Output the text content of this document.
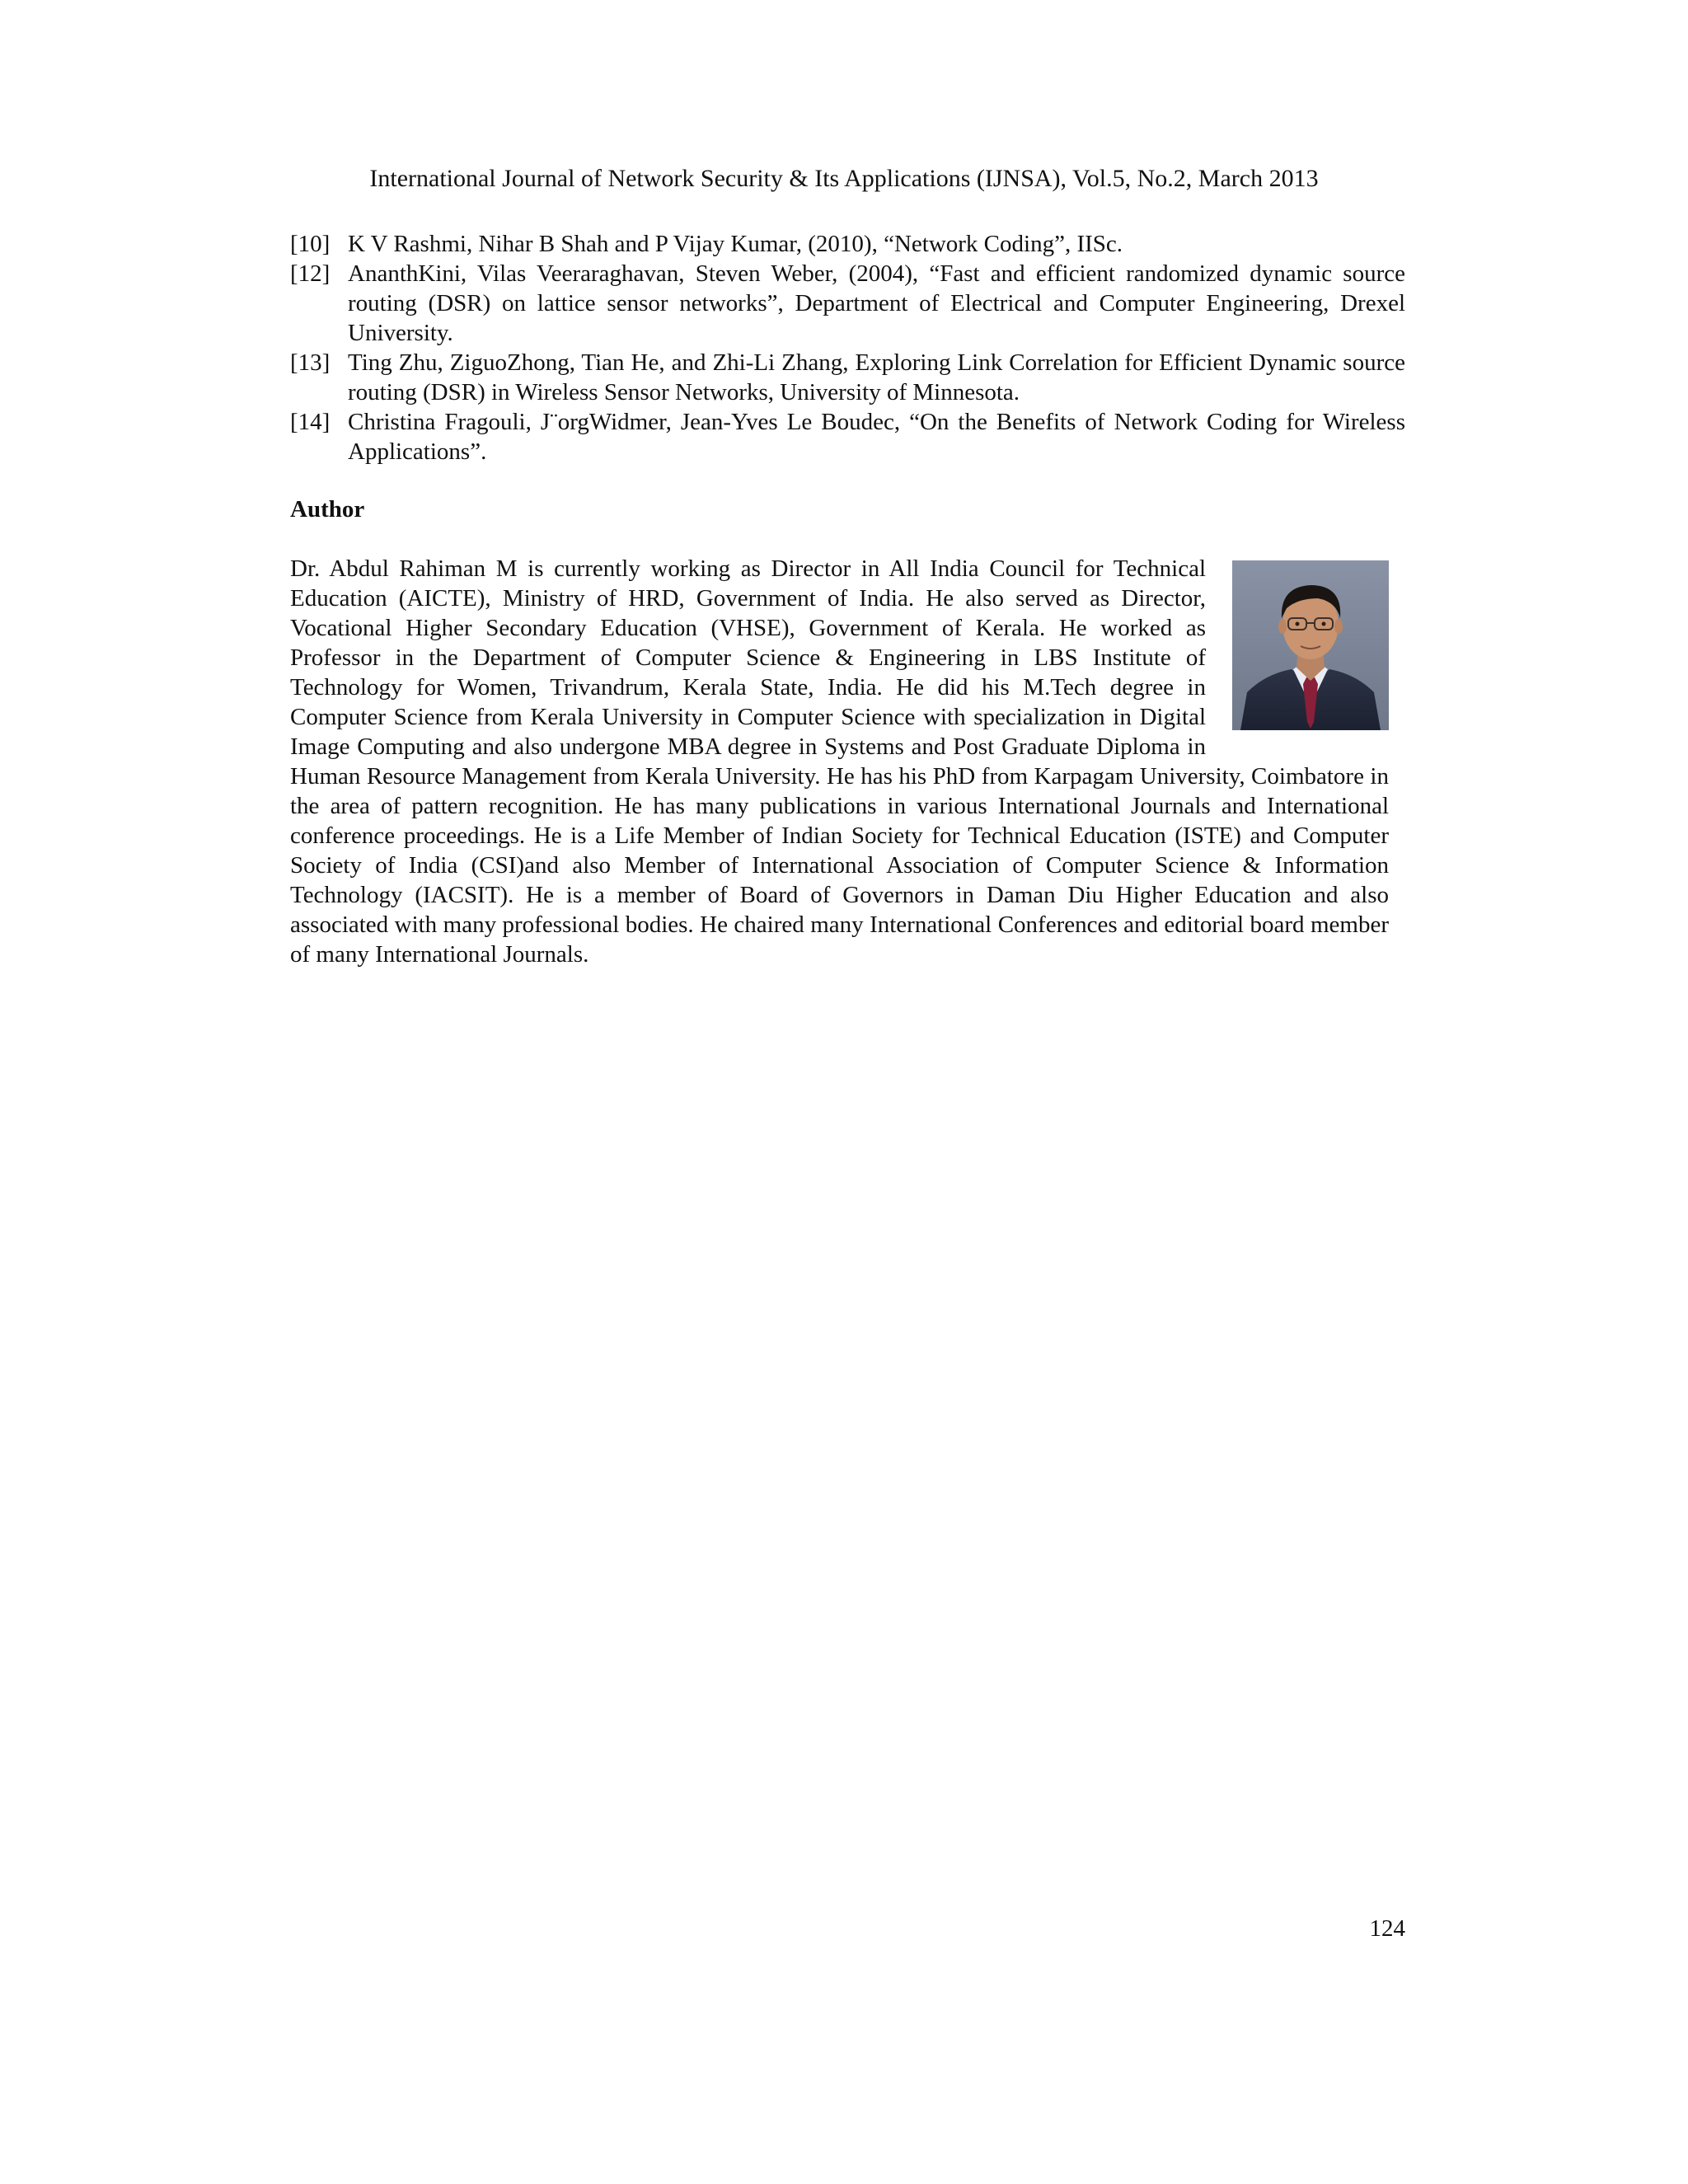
International Journal of Network Security & Its Applications (IJNSA), Vol.5, No.2, March 2013
[10] K V Rashmi, Nihar B Shah and P Vijay Kumar, (2010), “Network Coding”, IISc.
[12] AnanthKini, Vilas Veeraraghavan, Steven Weber, (2004), “Fast and efficient randomized dynamic source routing (DSR) on lattice sensor networks”, Department of Electrical and Computer Engineering, Drexel University.
[13] Ting Zhu, ZiguoZhong, Tian He, and Zhi-Li Zhang, Exploring Link Correlation for Efficient Dynamic source routing (DSR) in Wireless Sensor Networks, University of Minnesota.
[14] Christina Fragouli, J¨orgWidmer, Jean-Yves Le Boudec, “On the Benefits of Network Coding for Wireless Applications”.
Author
Dr. Abdul Rahiman M is currently working as Director in All India Council for Technical Education (AICTE), Ministry of HRD, Government of India. He also served as Director, Vocational Higher Secondary Education (VHSE), Government of Kerala. He worked as Professor in the Department of Computer Science & Engineering in LBS Institute of Technology for Women, Trivandrum, Kerala State, India. He did his M.Tech degree in Computer Science from Kerala University in Computer Science with specialization in Digital Image Computing and also undergone MBA degree in Systems and Post Graduate Diploma in Human Resource Management from Kerala University. He has his PhD from Karpagam University, Coimbatore in the area of pattern recognition. He has many publications in various International Journals and International conference proceedings. He is a Life Member of Indian Society for Technical Education (ISTE) and Computer Society of India (CSI)and also Member of International Association of Computer Science & Information Technology (IACSIT). He is a member of Board of Governors in Daman Diu Higher Education and also associated with many professional bodies. He chaired many International Conferences and editorial board member of many International Journals.
124
